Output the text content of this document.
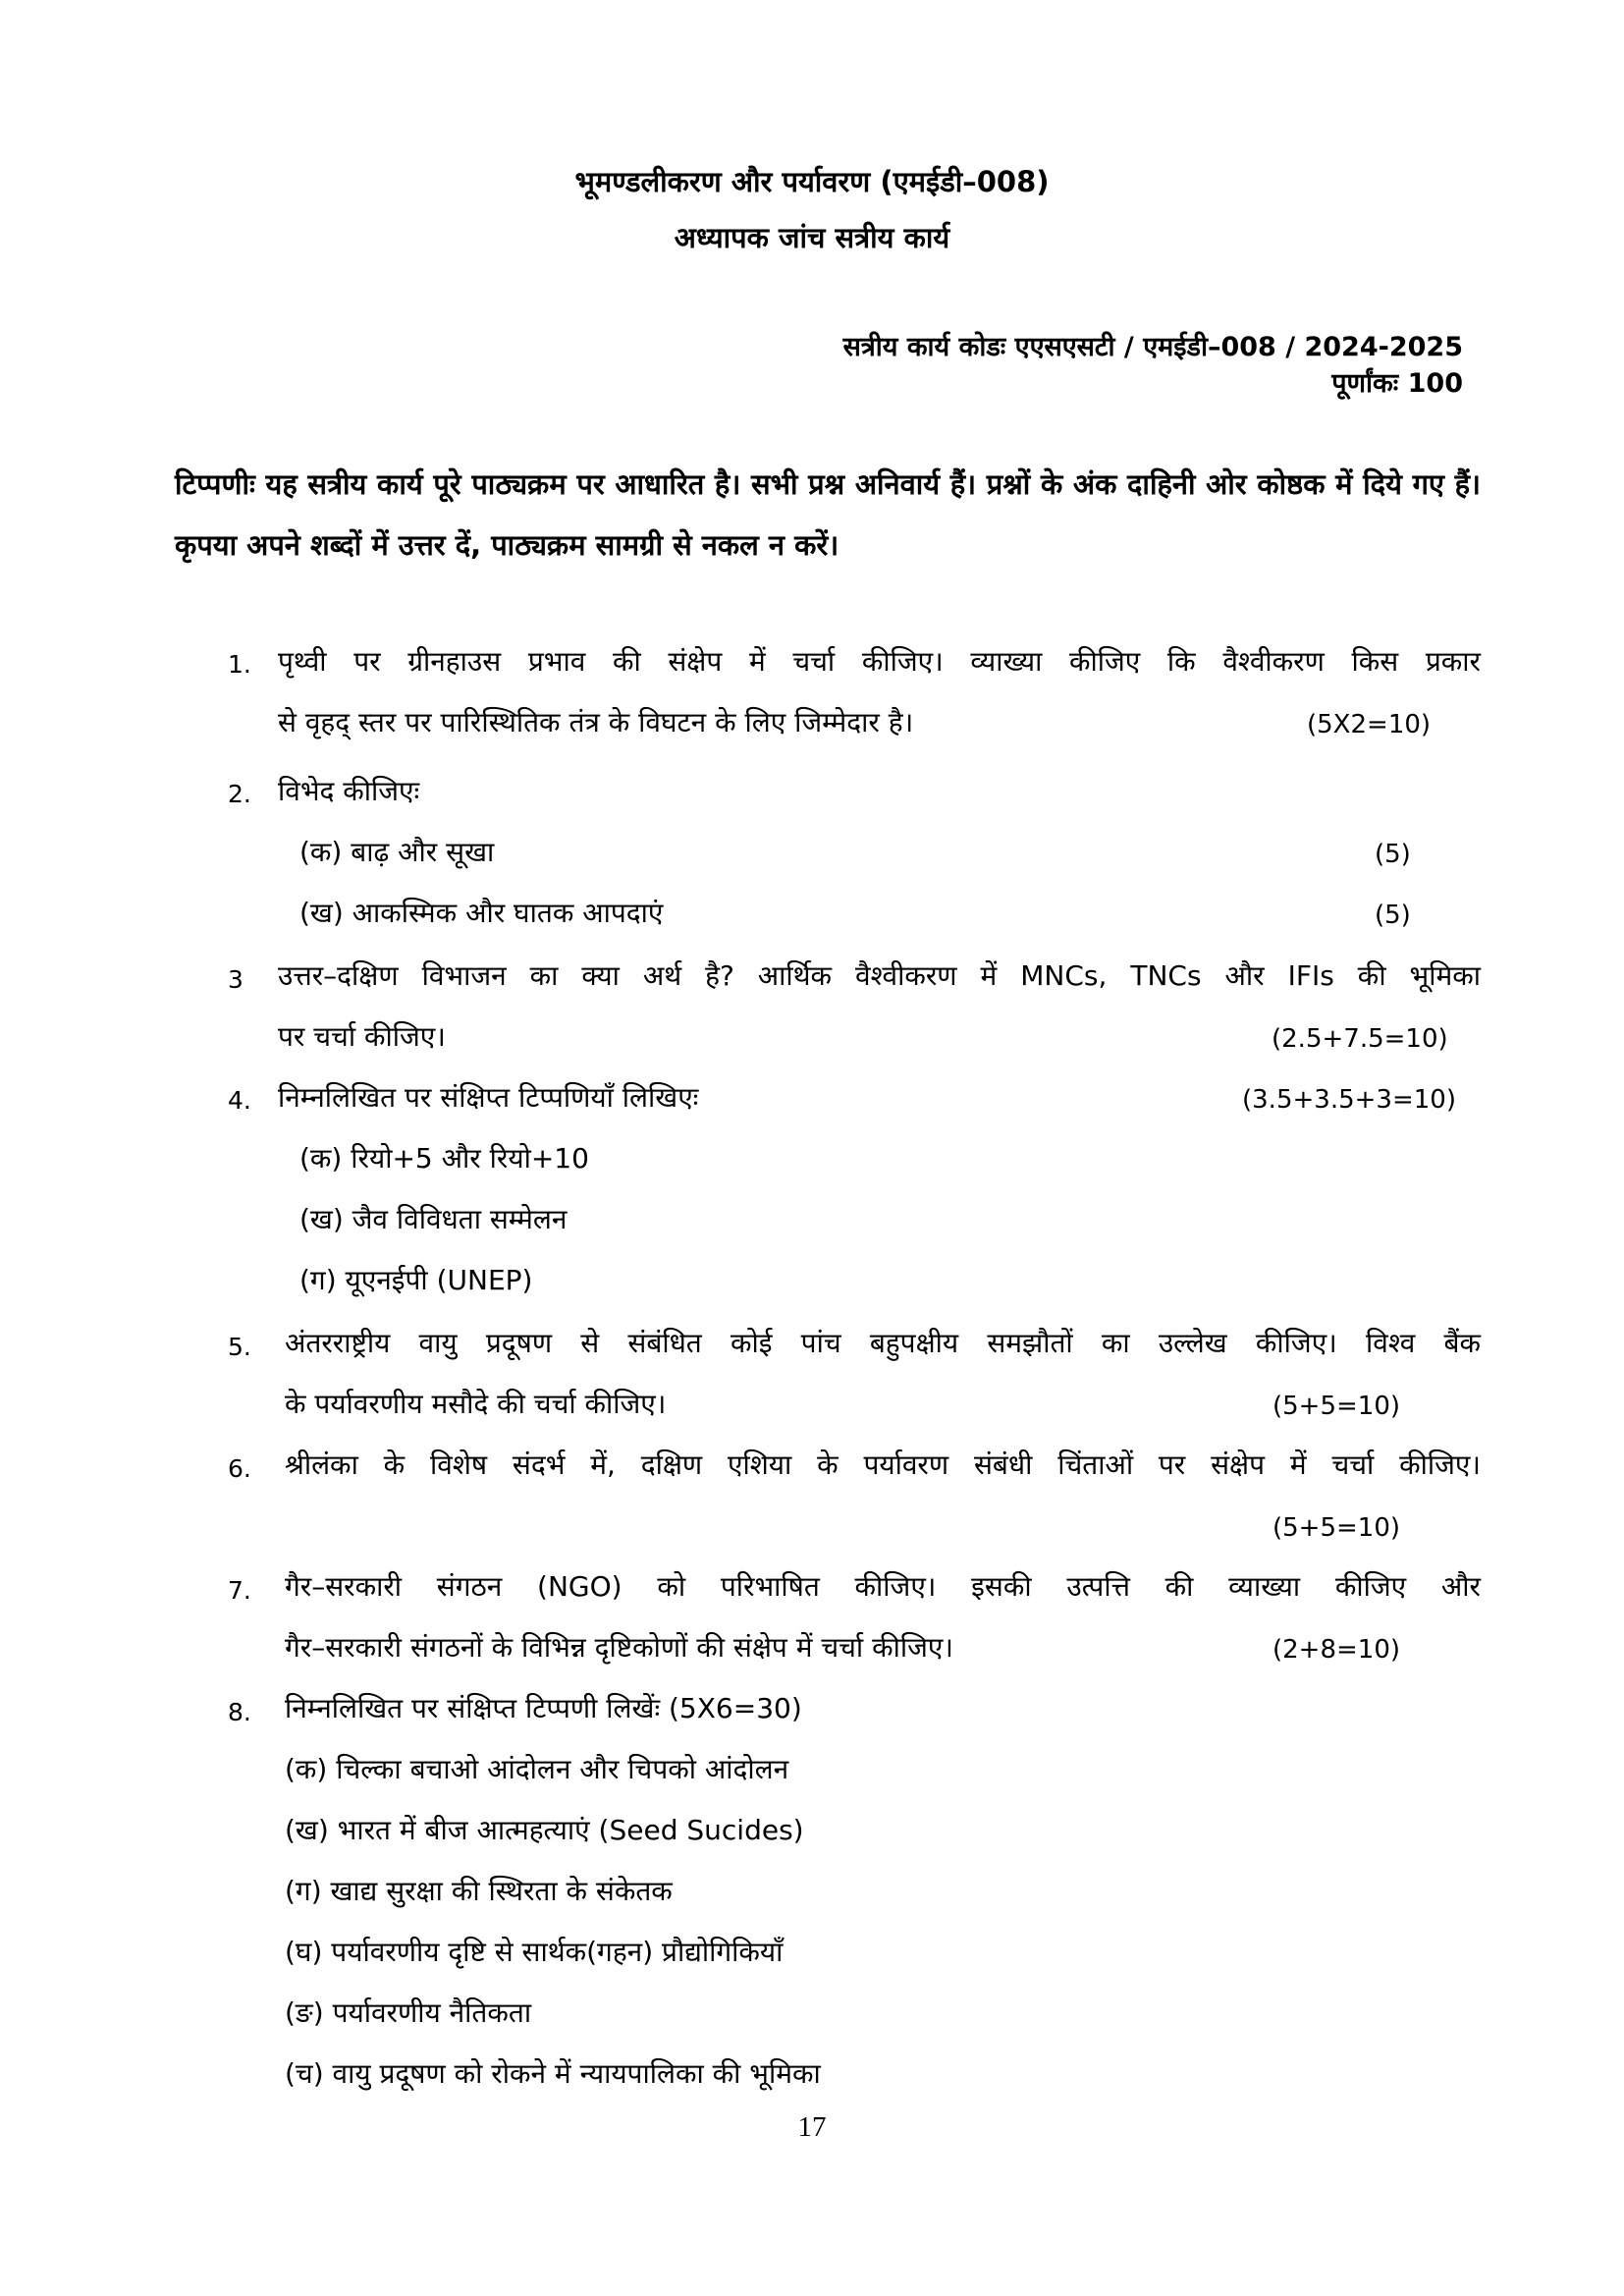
भूमण्डलीकरण और पर्यावरण (एमईडी–008)
अध्यापक जांच सत्रीय कार्य
सत्रीय कार्य कोडः एएसएसटी / एमईडी–008 / 2024-2025
पूर्णांकः 100
टिप्पणीः यह सत्रीय कार्य पूरे पाठ्यक्रम पर आधारित है। सभी प्रश्न अनिवार्य हैं। प्रश्नों के अंक दाहिनी ओर कोष्ठक में दिये गए हैं। कृपया अपने शब्दों में उत्तर दें, पाठ्यक्रम सामग्री से नकल न करें।
1. पृथ्वी पर ग्रीनहाउस प्रभाव की संक्षेप में चर्चा कीजिए। व्याख्या कीजिए कि वैश्वीकरण किस प्रकार
से वृहद् स्तर पर पारिस्थितिक तंत्र के विघटन के लिए जिम्मेदार है।	(5X2=10)
2. विभेद कीजिएः
(क) बाढ़ और सूखा	(5)
(ख) आकस्मिक और घातक आपदाएं	(5)
3 उत्तर–दक्षिण विभाजन का क्या अर्थ है? आर्थिक वैश्वीकरण में MNCs, TNCs और IFIs की भूमिका
पर चर्चा कीजिए।	(2.5+7.5=10)
4. निम्नलिखित पर संक्षिप्त टिप्पणियाँ लिखिएः	(3.5+3.5+3=10)
(क) रियो+5 और रियो+10
(ख) जैव विविधता सम्मेलन
(ग) यूएनईपी (UNEP)
5. अंतरराष्ट्रीय वायु प्रदूषण से संबंधित कोई पांच बहुपक्षीय समझौतों का उल्लेख कीजिए। विश्व बैंक
के पर्यावरणीय मसौदे की चर्चा कीजिए।	(5+5=10)
6. श्रीलंका के विशेष संदर्भ में, दक्षिण एशिया के पर्यावरण संबंधी चिंताओं पर संक्षेप में चर्चा कीजिए।
(5+5=10)
7. गैर–सरकारी संगठन (NGO) को परिभाषित कीजिए। इसकी उत्पत्ति की व्याख्या कीजिए और
गैर–सरकारी संगठनों के विभिन्न दृष्टिकोणों की संक्षेप में चर्चा कीजिए।	(2+8=10)
8. निम्नलिखित पर संक्षिप्त टिप्पणी लिखेंः (5X6=30)
(क) चिल्का बचाओ आंदोलन और चिपको आंदोलन
(ख) भारत में बीज आत्महत्याएं (Seed Sucides)
(ग) खाद्य सुरक्षा की स्थिरता के संकेतक
(घ) पर्यावरणीय दृष्टि से सार्थक(गहन) प्रौद्योगिकियाँ
(ङ) पर्यावरणीय नैतिकता
(च) वायु प्रदूषण को रोकने में न्यायपालिका की भूमिका
17
